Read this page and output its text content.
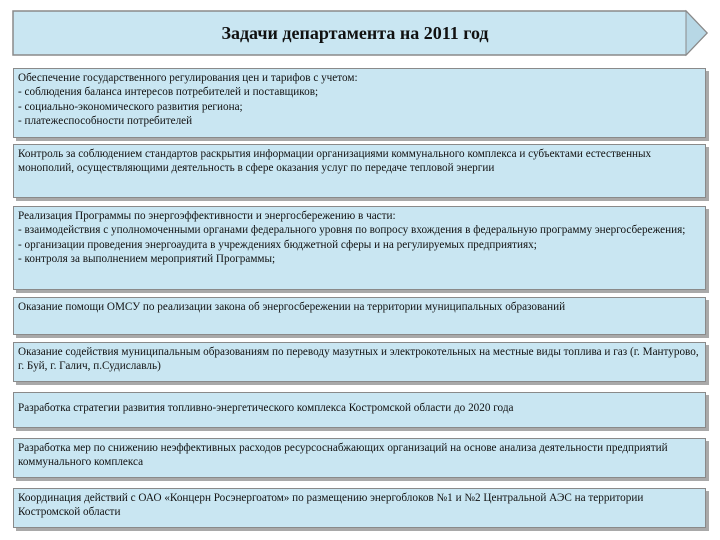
Задачи департамента на 2011 год
Обеспечение государственного регулирования цен и тарифов с учетом:
- соблюдения баланса интересов потребителей и поставщиков;
- социально-экономического развития региона;
- платежеспособности потребителей
Контроль за соблюдением стандартов раскрытия информации организациями коммунального комплекса и субъектами естественных монополий, осуществляющими деятельность в сфере оказания услуг по передаче тепловой энергии
Реализация Программы по энергоэффективности и энергосбережению в части:
- взаимодействия с уполномоченными органами федерального уровня по вопросу вхождения в федеральную программу энергосбережения;
- организации проведения энергоаудита в учреждениях бюджетной сферы и на регулируемых предприятиях;
- контроля за выполнением мероприятий Программы;
Оказание помощи ОМСУ по реализации закона об энергосбережении на территории муниципальных образований
Оказание содействия муниципальным образованиям по переводу мазутных и электрокотельных на местные виды топлива и газ (г. Мантурово, г. Буй, г. Галич, п.Судиславль)
Разработка стратегии развития топливно-энергетического комплекса Костромской области до 2020 года
Разработка мер по снижению неэффективных расходов ресурсоснабжающих организаций на основе анализа деятельности предприятий коммунального комплекса
Координация действий с ОАО «Концерн Росэнергоатом» по размещению энергоблоков №1 и №2 Центральной АЭС на территории Костромской области
